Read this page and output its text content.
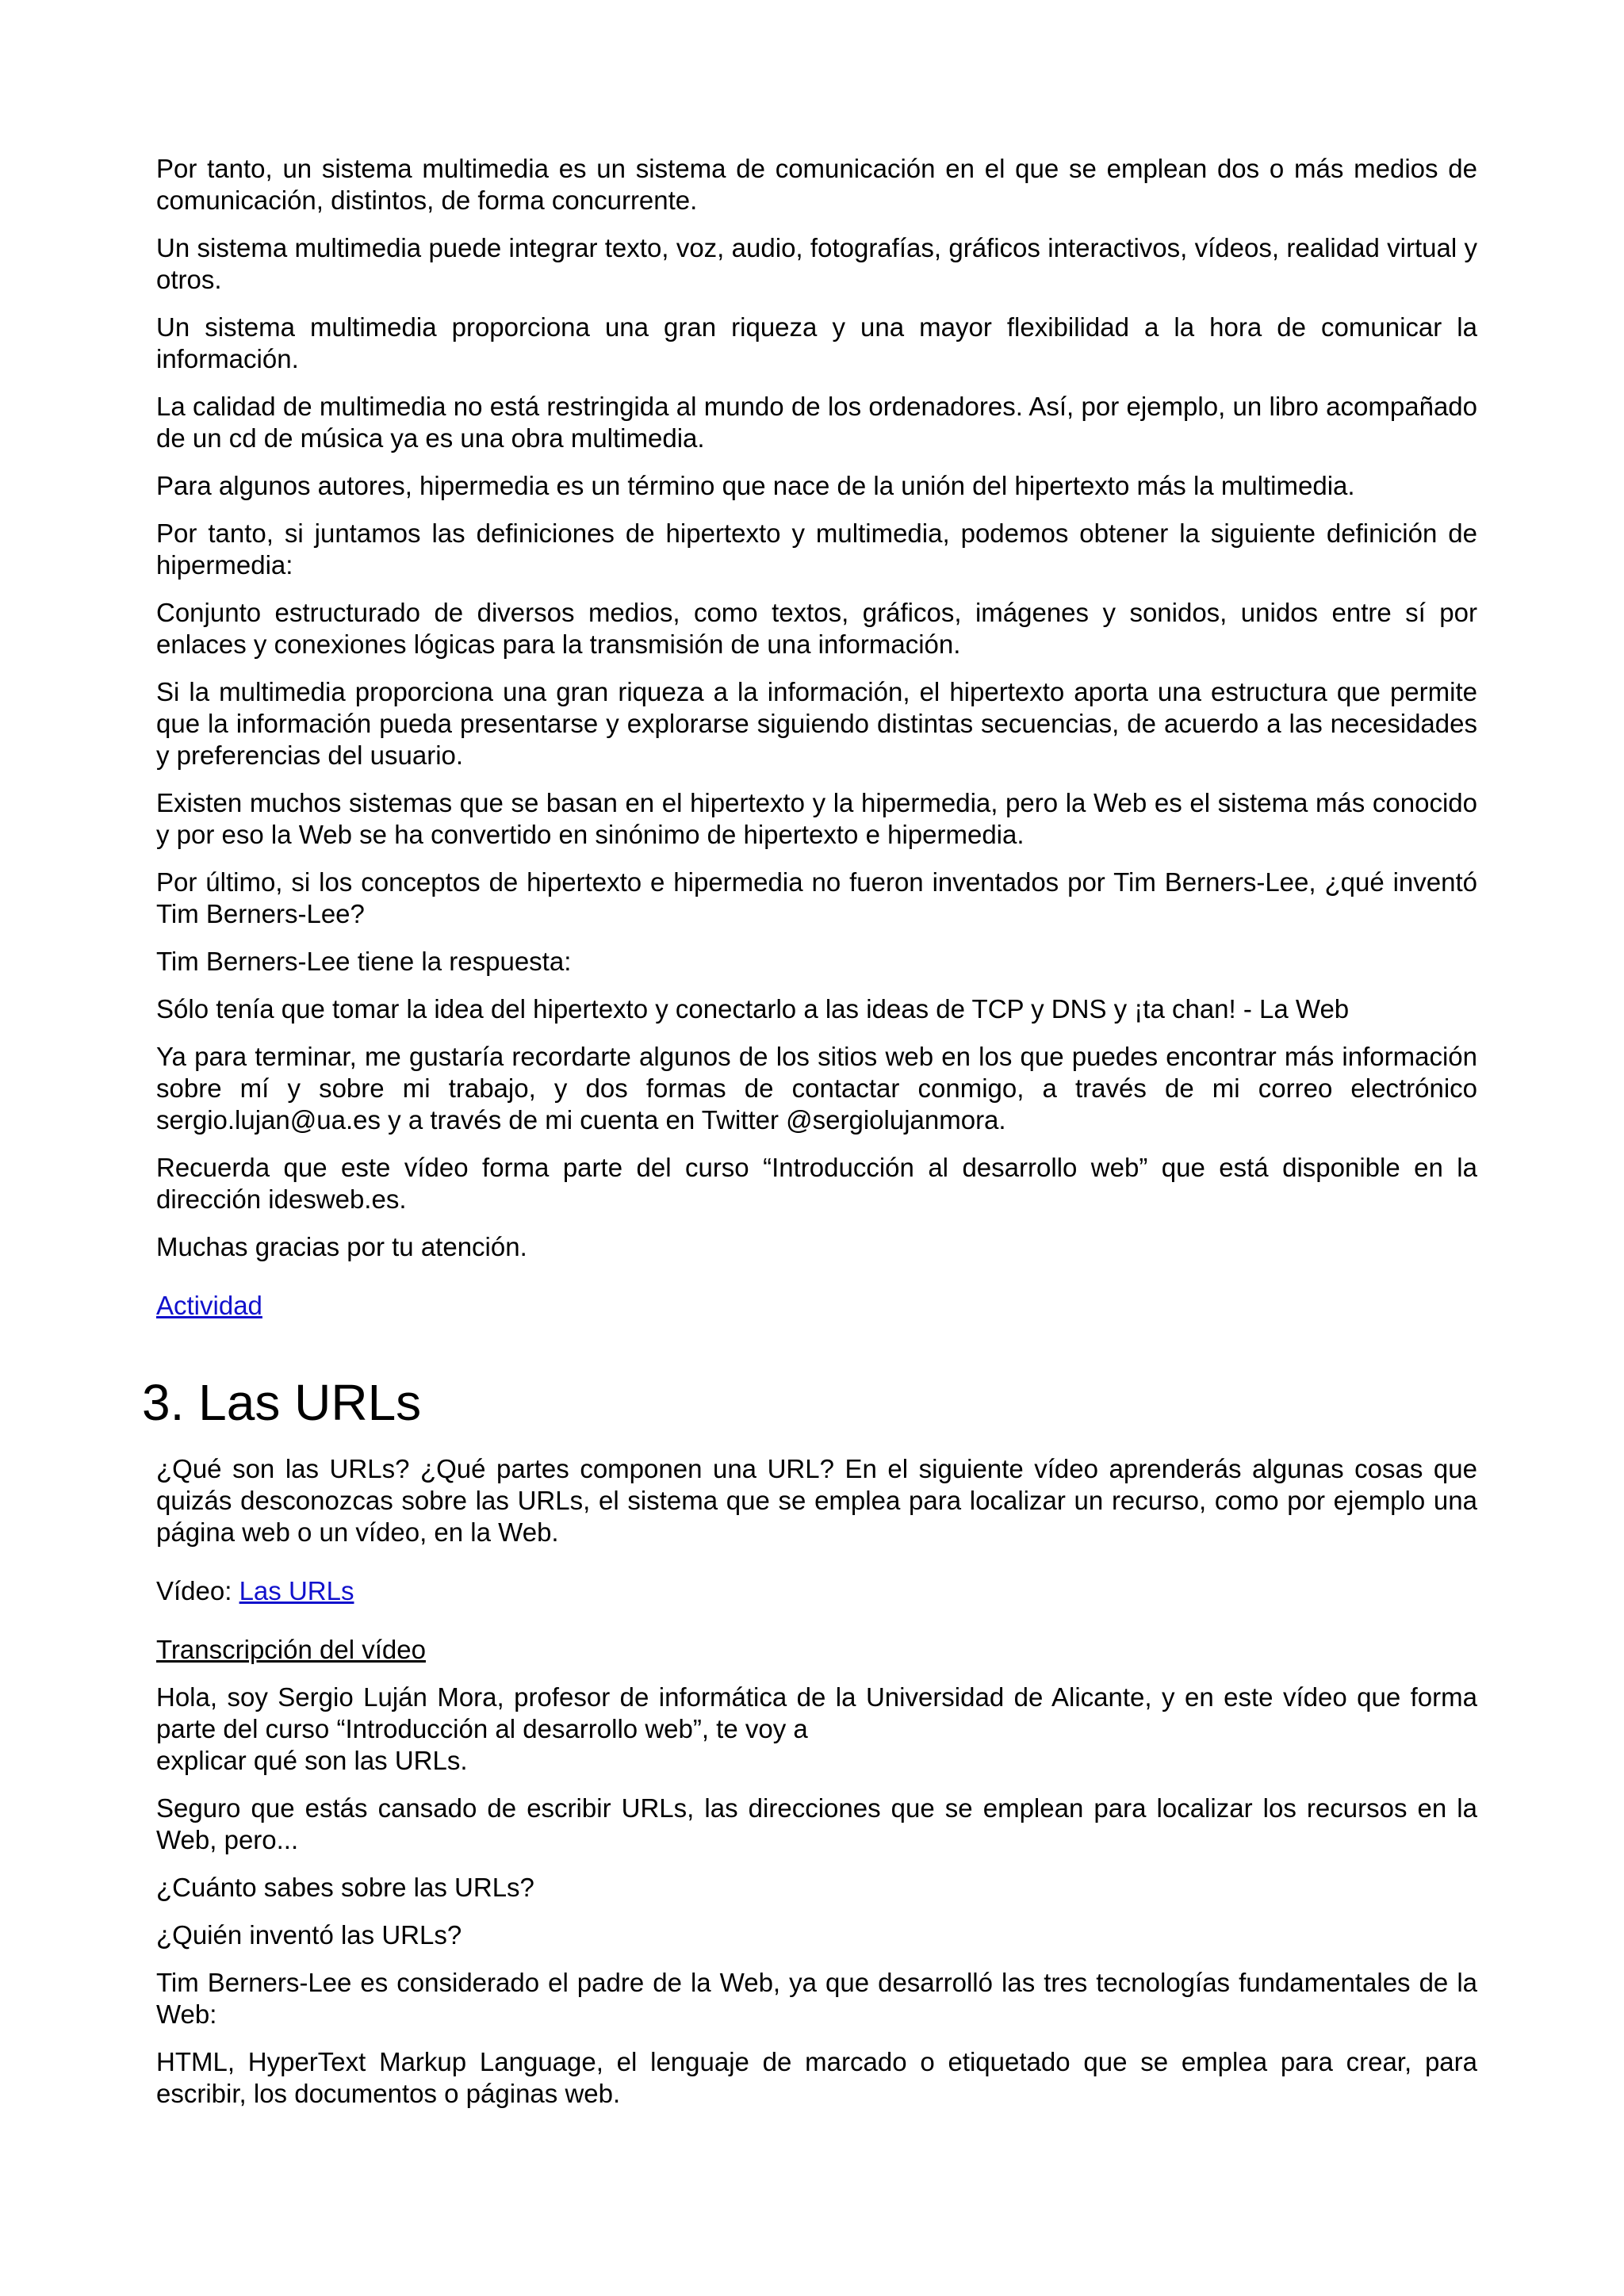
Por tanto, un sistema multimedia es un sistema de comunicación en el que se emplean dos o más medios de comunicación, distintos, de forma concurrente.

Un sistema multimedia puede integrar texto, voz, audio, fotografías, gráficos interactivos, vídeos, realidad virtual y otros.

Un sistema multimedia proporciona una gran riqueza y una mayor flexibilidad a la hora de comunicar la información.

La calidad de multimedia no está restringida al mundo de los ordenadores. Así, por ejemplo, un libro acompañado de un cd de música ya es una obra multimedia.

Para algunos autores, hipermedia es un término que nace de la unión del hipertexto más la multimedia.

Por tanto, si juntamos las definiciones de hipertexto y multimedia, podemos obtener la siguiente definición de hipermedia:

Conjunto estructurado de diversos medios, como textos, gráficos, imágenes y sonidos, unidos entre sí por enlaces y conexiones lógicas para la transmisión de una información.

Si la multimedia proporciona una gran riqueza a la información, el hipertexto aporta una estructura que permite que la información pueda presentarse y explorarse siguiendo distintas secuencias, de acuerdo a las necesidades y preferencias del usuario.

Existen muchos sistemas que se basan en el hipertexto y la hipermedia, pero la Web es el sistema más conocido y por eso la Web se ha convertido en sinónimo de hipertexto e hipermedia.

Por último, si los conceptos de hipertexto e hipermedia no fueron inventados por Tim Berners-Lee, ¿qué inventó Tim Berners-Lee?

Tim Berners-Lee tiene la respuesta:

Sólo tenía que tomar la idea del hipertexto y conectarlo a las ideas de TCP y DNS y ¡ta chan! - La Web

Ya para terminar, me gustaría recordarte algunos de los sitios web en los que puedes encontrar más información sobre mí y sobre mi trabajo, y dos formas de contactar conmigo, a través de mi correo electrónico sergio.lujan@ua.es y a través de mi cuenta en Twitter @sergiolujanmora.

Recuerda que este vídeo forma parte del curso “Introducción al desarrollo web” que está disponible en la dirección idesweb.es.

Muchas gracias por tu atención.

Actividad

3. Las URLs

¿Qué son las URLs? ¿Qué partes componen una URL? En el siguiente vídeo aprenderás algunas cosas que quizás desconozcas sobre las URLs, el sistema que se emplea para localizar un recurso, como por ejemplo una página web o un vídeo, en la Web.

Vídeo: Las URLs

Transcripción del vídeo

Hola, soy Sergio Luján Mora, profesor de informática de la Universidad de Alicante, y en este vídeo que forma parte del curso “Introducción al desarrollo web”, te voy a
explicar qué son las URLs.

Seguro que estás cansado de escribir URLs, las direcciones que se emplean para localizar los recursos en la Web, pero...

¿Cuánto sabes sobre las URLs?

¿Quién inventó las URLs?

Tim Berners-Lee es considerado el padre de la Web, ya que desarrolló las tres tecnologías fundamentales de la Web:

HTML, HyperText Markup Language, el lenguaje de marcado o etiquetado que se emplea para crear, para escribir, los documentos o páginas web.
